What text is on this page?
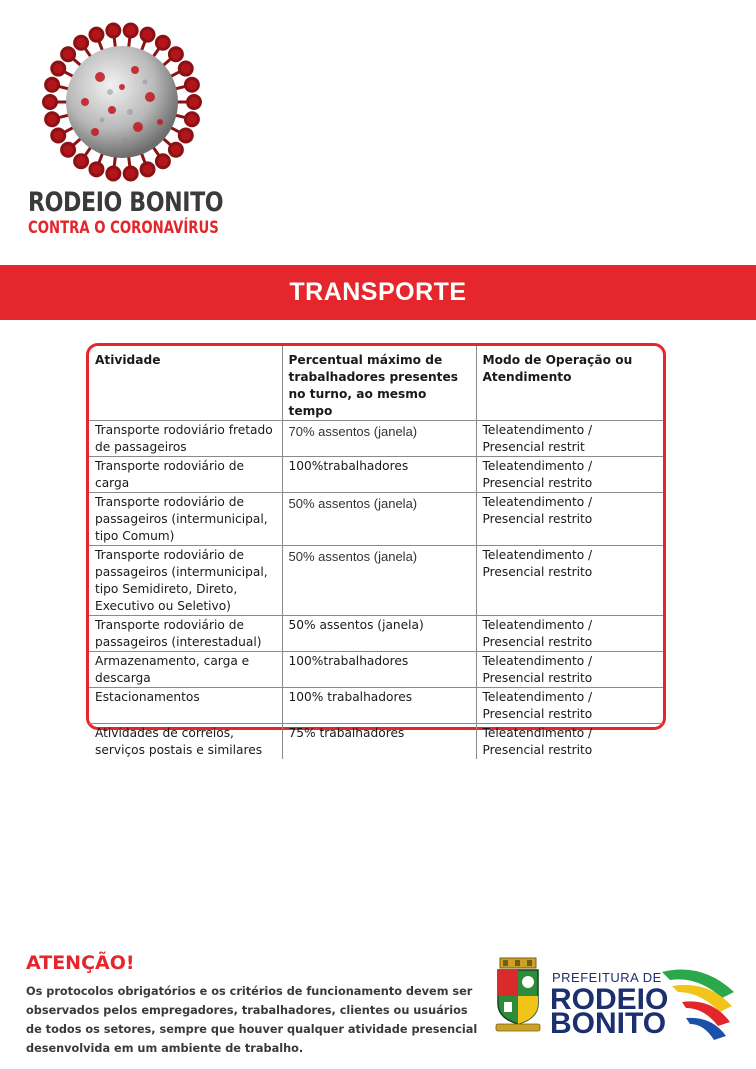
RODEIO BONITO
CONTRA O CORONAVÍRUS
TRANSPORTE
Atividade	Percentual máximo de trabalhadores presentes no turno, ao mesmo tempo	Modo de Operação ou Atendimento
Transporte rodoviário fretado de passageiros	70% assentos (janela)	Teleatendimento / Presencial restrit
Transporte rodoviário de carga	100%trabalhadores	Teleatendimento / Presencial restrito
Transporte rodoviário de passageiros (intermunicipal, tipo Comum)	50% assentos (janela)	Teleatendimento / Presencial restrito
Transporte rodoviário de passageiros (intermunicipal, tipo Semidireto, Direto, Executivo ou Seletivo)	50% assentos (janela)	Teleatendimento / Presencial restrito
Transporte rodoviário de passageiros (interestadual)	50% assentos (janela)	Teleatendimento / Presencial restrito
Armazenamento, carga e descarga	100%trabalhadores	Teleatendimento / Presencial restrito
Estacionamentos	100% trabalhadores	Teleatendimento / Presencial restrito
Atividades de correios, serviços postais e similares	75% trabalhadores	Teleatendimento / Presencial restrito
ATENÇÃO!
Os protocolos obrigatórios e os critérios de funcionamento devem ser observados pelos empregadores, trabalhadores, clientes ou usuários de todos os setores, sempre que houver qualquer atividade presencial desenvolvida em um ambiente de trabalho.
PREFEITURA DE
RODEIO
BONITO
